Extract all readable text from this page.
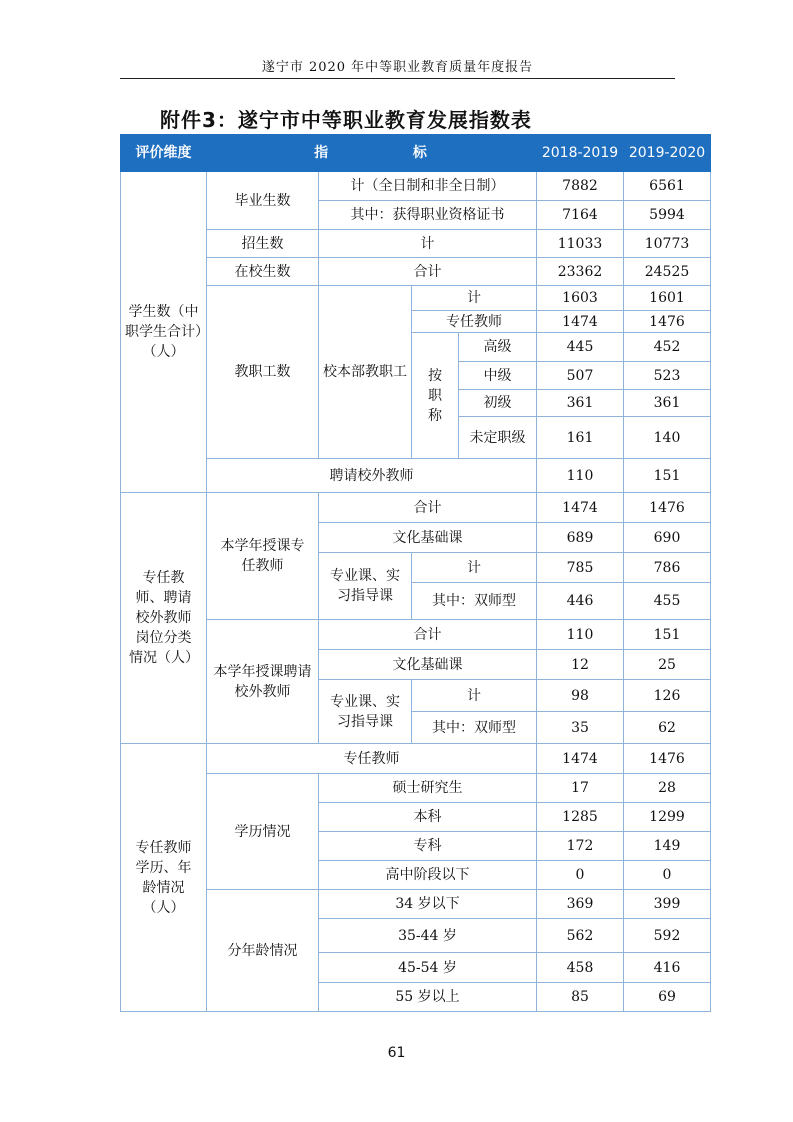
遂宁市 2020 年中等职业教育质量年度报告
附件3：遂宁市中等职业教育发展指数表
评价维度	指 标				2018-2019	2019-2020
学生数（中职学生合计）（人）	毕业生数	计（全日制和非全日制）			7882	6561
		其中：获得职业资格证书			7164	5994
	招生数	计			11033	10773
	在校生数	合计			23362	24525
	教职工数	校本部教职工	计		1603	1601
			专任教师		1474	1476
			按职称	高级	445	452
				中级	507	523
				初级	361	361
				未定职级	161	140
	聘请校外教师				110	151
专任教师、聘请校外教师岗位分类情况（人）	本学年授课专任教师	合计			1474	1476
		文化基础课			689	690
		专业课、实习指导课	计		785	786
			其中：双师型		446	455
	本学年授课聘请校外教师	合计			110	151
		文化基础课			12	25
		专业课、实习指导课	计		98	126
			其中：双师型		35	62
专任教师学历、年龄情况（人）	专任教师				1474	1476
	学历情况	硕士研究生			17	28
		本科			1285	1299
		专科			172	149
		高中阶段以下			0	0
	分年龄情况	34 岁以下			369	399
		35-44 岁			562	592
		45-54 岁			458	416
		55 岁以上			85	69
61
